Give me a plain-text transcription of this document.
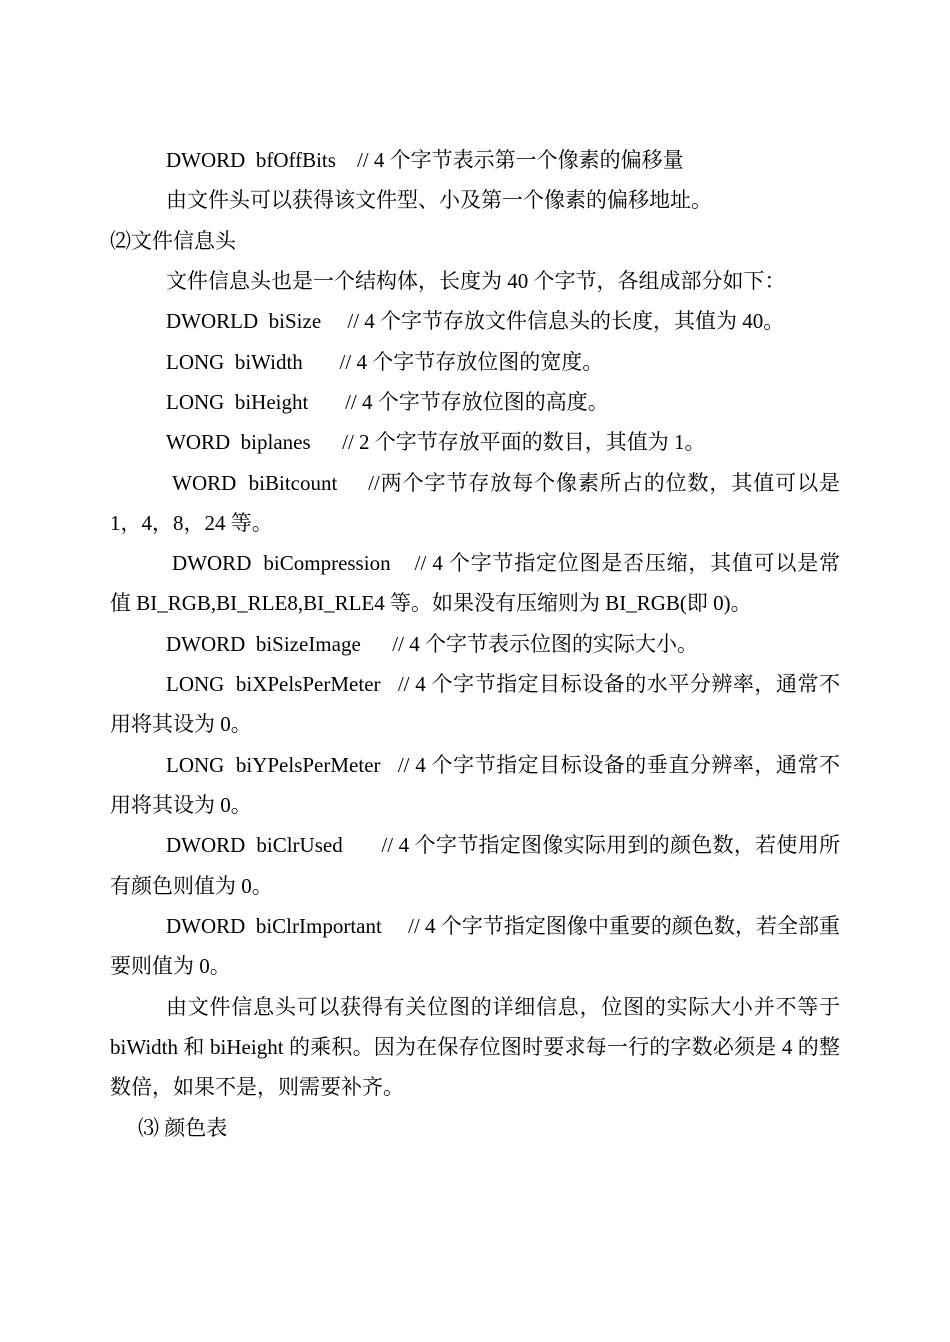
DWORD  bfOffBits    // 4 个字节表示第一个像素的偏移量

由文件头可以获得该文件型、小及第一个像素的偏移地址。

⑵文件信息头

文件信息头也是一个结构体，长度为 40 个字节，各组成部分如下：

DWORLD  biSize     // 4 个字节存放文件信息头的长度，其值为 40。

LONG  biWidth       // 4 个字节存放位图的宽度。

LONG  biHeight       // 4 个字节存放位图的高度。

WORD  biplanes      // 2 个字节存放平面的数目，其值为 1。

WORD  biBitcount     //两个字节存放每个像素所占的位数，其值可以是 1，4，8，24 等。

DWORD  biCompression    // 4 个字节指定位图是否压缩，其值可以是常值 BI_RGB,BI_RLE8,BI_RLE4 等。如果没有压缩则为 BI_RGB(即 0)。

DWORD  biSizeImage      // 4 个字节表示位图的实际大小。

LONG  biXPelsPerMeter   // 4 个字节指定目标设备的水平分辨率，通常不用将其设为 0。

LONG  biYPelsPerMeter   // 4 个字节指定目标设备的垂直分辨率，通常不用将其设为 0。

DWORD  biClrUsed       // 4 个字节指定图像实际用到的颜色数，若使用所有颜色则值为 0。

DWORD  biClrImportant     // 4 个字节指定图像中重要的颜色数，若全部重要则值为 0。

由文件信息头可以获得有关位图的详细信息，位图的实际大小并不等于 biWidth 和 biHeight 的乘积。因为在保存位图时要求每一行的字数必须是 4 的整数倍，如果不是，则需要补齐。

⑶ 颜色表
